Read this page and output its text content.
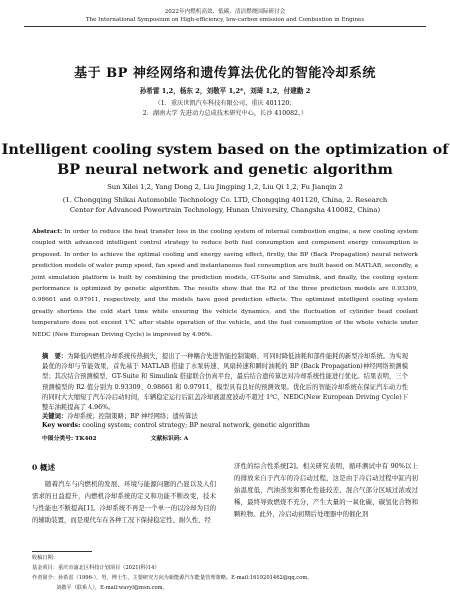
2022年内燃机高效、低碳、清洁燃烧国际研讨会
The International Symposium on High-efficiency, low-carbon emission and Combustion in Engines
基于 BP 神经网络和遗传算法优化的智能冷却系统
孙希雷 1,2，杨东 2，刘敬平 1,2*，刘琦 1,2，付建勤 2
（1．重庆世凯汽车科技有限公司，重庆 401120；
2．湖南大学 先进动力总成技术研究中心，长沙 410082。）
Intelligent cooling system based on the optimization of
BP neural network and genetic algorithm
Sun Xilei 1,2, Yang Dong 2, Liu Jingping 1,2, Liu Qi 1,2, Fu Jianqin 2
(1. Chongqing Shikai Automobile Technology Co. LTD, Chongqing 401120, China, 2. Research
Center for Advanced Powertrain Technology, Hunan University, Changsha 410082, China)
Abstract: In order to reduce the heat transfer loss in the cooling system of internal combustion engine, a new cooling system coupled with advanced intelligent control strategy to reduce both fuel consumption and component energy consumption is proposed. In order to achieve the optimal cooling and energy saving effect, firstly, the BP (Back Propagation) neural network prediction models of water pump speed, fan speed and instantaneous fuel consumption are built based on MATLAB, secondly, a joint simulation platform is built by combining the prediction models, GT-Suite and Simulink, and finally, the cooling system performance is optimized by genetic algorithm. The results show that the R2 of the three prediction models are 0.93309, 0.98661 and 0.97911, respectively, and the models have good prediction effects. The optimized intelligent cooling system greatly shortens the cold start time while ensuring the vehicle dynamics, and the fluctuation of cylinder head coolant temperature does not exceed 1℃ after stable operation of the vehicle, and the fuel consumption of the whole vehicle under NEDC (New European Driving Cycle) is improved by 4.96%.
摘　要：为降低内燃机冷却系统传热损失，提出了一种耦合先进智能控制策略、可同时降低油耗和部件能耗的新型冷却系统。为实现最优的冷却与节能效果，首先基于 MATLAB 搭建了水泵转速、风扇转速和瞬时油耗的 BP (Back Propagation)神经网络预测模型；其次结合预测模型、GT-Suite 和 Simulink 搭建联合仿真平台，最后结合遗传算法对冷却系统性能进行优化。结果表明，三个预测模型的 R2 值分别为 0.93309、0.98661 和 0.97911，模型具有良好的预测效果。优化后的智能冷却系统在保证汽车动力性的同时大大缩短了汽车冷启动时间，车辆稳定运行后缸盖冷却液温度波动不超过 1℃，NEDC(New European Driving Cycle)下整车油耗提高了 4.96%。
关键词：冷却系统；控制策略；BP 神经网络；遗传算法
Key words: cooling system; control strategy; BP neural network, genetic algorithm
中图分类号: TK402	文献标识码: A
0 概述

随着汽车与内燃机的发展、环境与能源问题的凸显以及人们需求的日益提升，内燃机冷却系统的定义和功能不断改变，技术与性能也不断提高[1]。冷却系统不再是一个单一的以冷却为目的的辅助装置，而是現代车在各种工况下保持稳定性、耐久性、经

济性的综合性系统[2]。相关研究表明，循环测试中有 90%以上的排放来自于汽车的冷启动过程，这是由于冷启动过程中缸内初始温度低，汽油蒸发和雾化性能较差，混合气部分区域过浓或过稀，最终导致燃烧不充分，产生大量的一氧化碳、碳氢化合物和颗粒物。此外，冷启动初期后处理器中的催化剂

收稿日期：
基金项目：重庆市渝北区科技计划项目（2021(科)14）
作者简介：孙希雷（1996-），男，博士生，主要研究方向为新能源汽车能量管理策略。E-mail:1619201462@qq.com。
刘敬平（联系人），E-mail:wavyl@msn.com。
